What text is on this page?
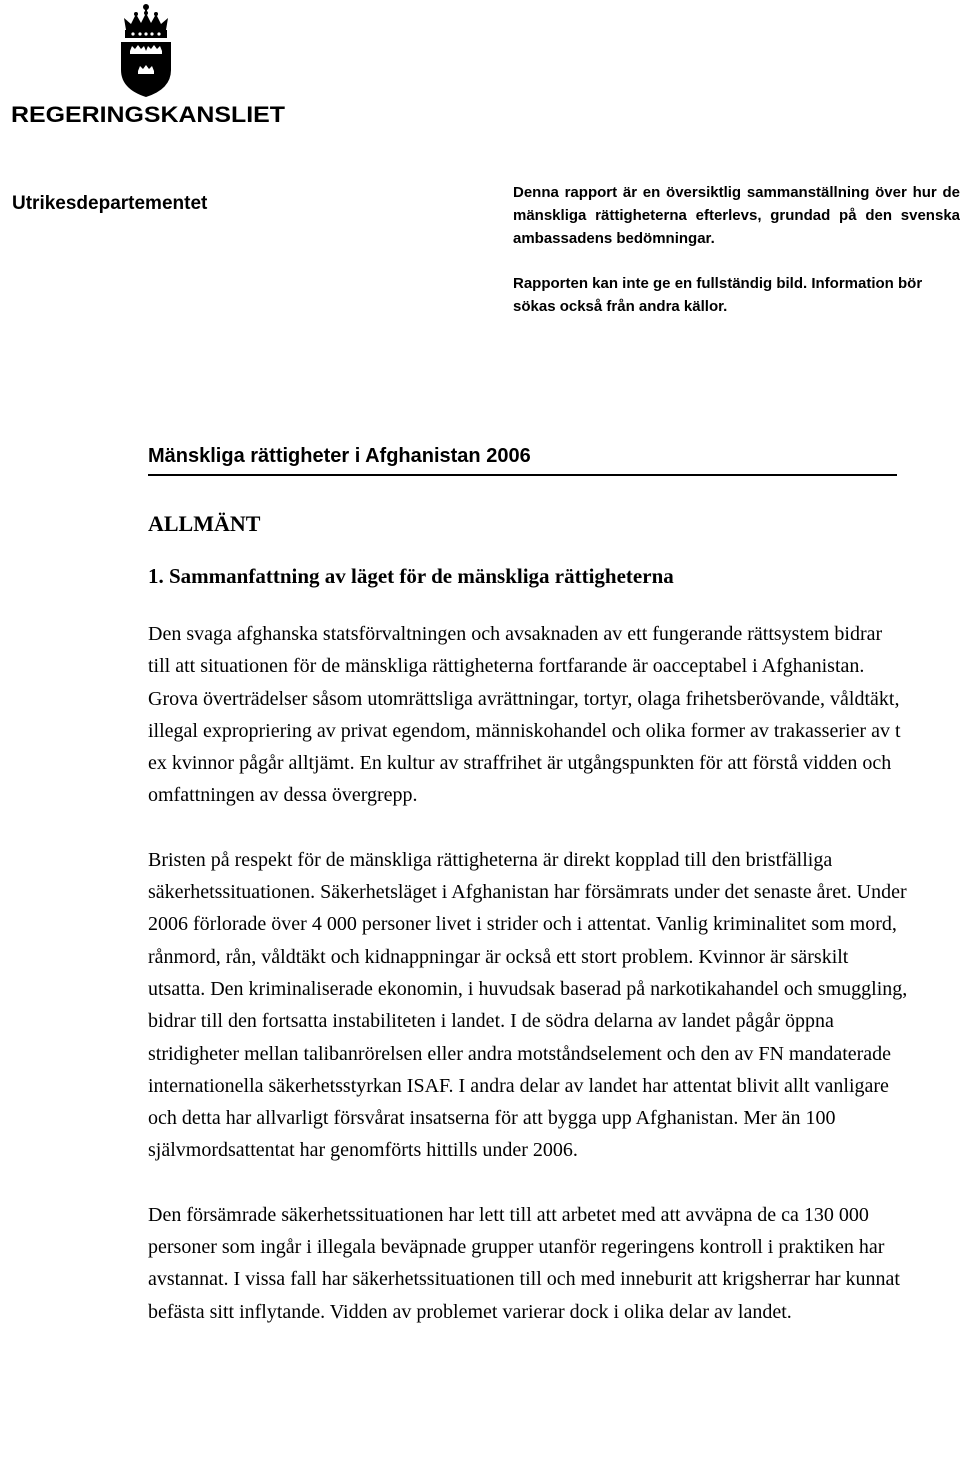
REGERINGSKANSLIET
Utrikesdepartementet

Denna rapport är en översiktlig sammanställning över hur de mänskliga rättigheterna efterlevs, grundad på den svenska ambassadens bedömningar.

Rapporten kan inte ge en fullständig bild. Information bör sökas också från andra källor.

Mänskliga rättigheter i Afghanistan 2006
ALLMÄNT
1. Sammanfattning av läget för de mänskliga rättigheterna

Den svaga afghanska statsförvaltningen och avsaknaden av ett fungerande rättsystem bidrar till att situationen för de mänskliga rättigheterna fortfarande är oacceptabel i Afghanistan. Grova överträdelser såsom utomrättsliga avrättningar, tortyr, olaga frihetsberövande, våldtäkt, illegal expropriering av privat egendom, människohandel och olika former av trakasserier av t ex kvinnor pågår alltjämt. En kultur av straffrihet är utgångspunkten för att förstå vidden och omfattningen av dessa övergrepp.

Bristen på respekt för de mänskliga rättigheterna är direkt kopplad till den bristfälliga säkerhetssituationen. Säkerhetsläget i Afghanistan har försämrats under det senaste året. Under 2006 förlorade över 4 000 personer livet i strider och i attentat. Vanlig kriminalitet som mord, rånmord, rån, våldtäkt och kidnappningar är också ett stort problem. Kvinnor är särskilt utsatta. Den kriminaliserade ekonomin, i huvudsak baserad på narkotikahandel och smuggling, bidrar till den fortsatta instabiliteten i landet. I de södra delarna av landet pågår öppna stridigheter mellan talibanrörelsen eller andra motståndselement och den av FN mandaterade internationella säkerhetsstyrkan ISAF. I andra delar av landet har attentat blivit allt vanligare och detta har allvarligt försvårat insatserna för att bygga upp Afghanistan. Mer än 100 självmordsattentat har genomförts hittills under 2006.

Den försämrade säkerhetssituationen har lett till att arbetet med att avväpna de ca 130 000 personer som ingår i illegala beväpnade grupper utanför regeringens kontroll i praktiken har avstannat. I vissa fall har säkerhetssituationen till och med inneburit att krigsherrar har kunnat befästa sitt inflytande. Vidden av problemet varierar dock i olika delar av landet.
